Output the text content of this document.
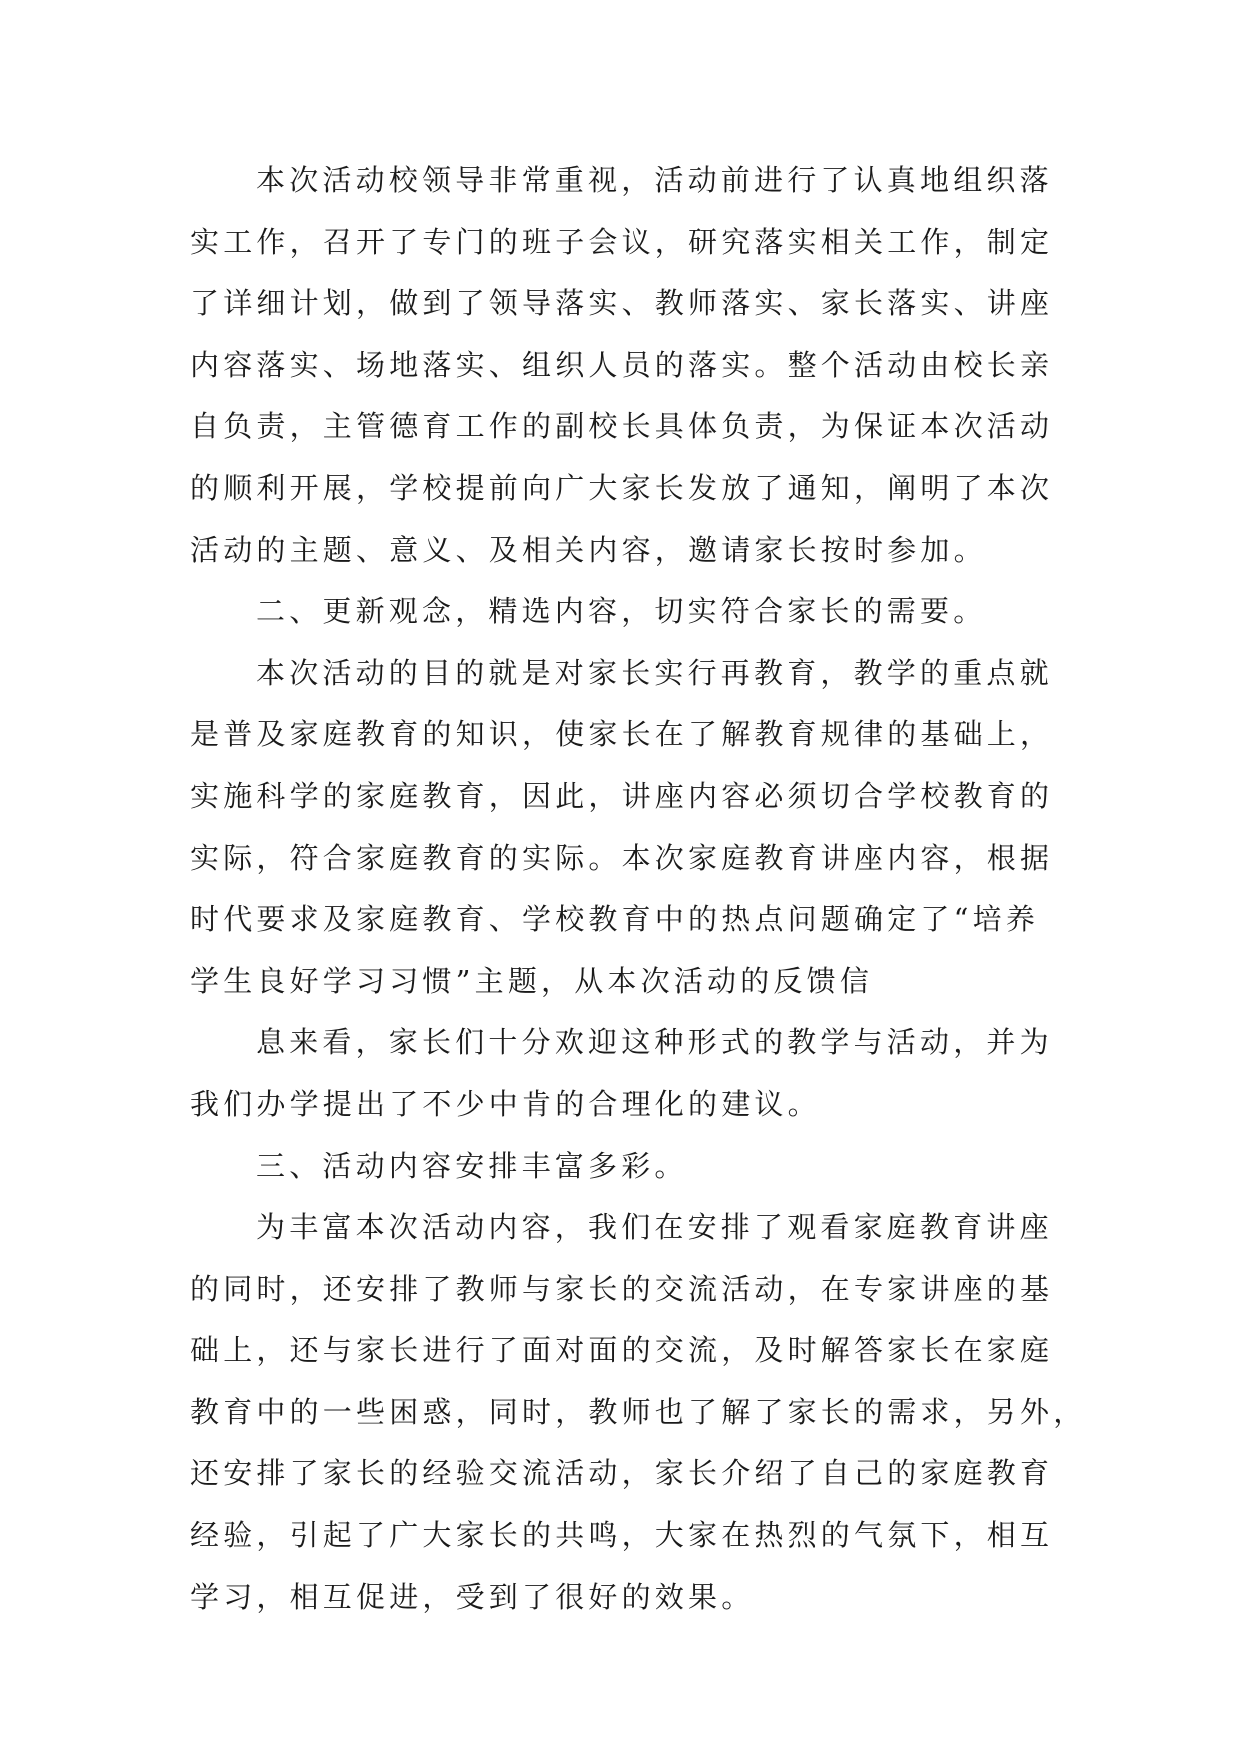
本次活动校领导非常重视，活动前进行了认真地组织落
实工作，召开了专门的班子会议，研究落实相关工作，制定
了详细计划，做到了领导落实、教师落实、家长落实、讲座
内容落实、场地落实、组织人员的落实。整个活动由校长亲
自负责，主管德育工作的副校长具体负责，为保证本次活动
的顺利开展，学校提前向广大家长发放了通知，阐明了本次
活动的主题、意义、及相关内容，邀请家长按时参加。

二、更新观念，精选内容，切实符合家长的需要。

本次活动的目的就是对家长实行再教育，教学的重点就
是普及家庭教育的知识，使家长在了解教育规律的基础上，
实施科学的家庭教育，因此，讲座内容必须切合学校教育的
实际，符合家庭教育的实际。本次家庭教育讲座内容，根据
时代要求及家庭教育、学校教育中的热点问题确定了“培养
学生良好学习习惯”主题，从本次活动的反馈信

息来看，家长们十分欢迎这种形式的教学与活动，并为
我们办学提出了不少中肯的合理化的建议。

三、活动内容安排丰富多彩。

为丰富本次活动内容，我们在安排了观看家庭教育讲座
的同时，还安排了教师与家长的交流活动，在专家讲座的基
础上，还与家长进行了面对面的交流，及时解答家长在家庭
教育中的一些困惑，同时，教师也了解了家长的需求，另外，
还安排了家长的经验交流活动，家长介绍了自己的家庭教育
经验，引起了广大家长的共鸣，大家在热烈的气氛下，相互
学习，相互促进，受到了很好的效果。
